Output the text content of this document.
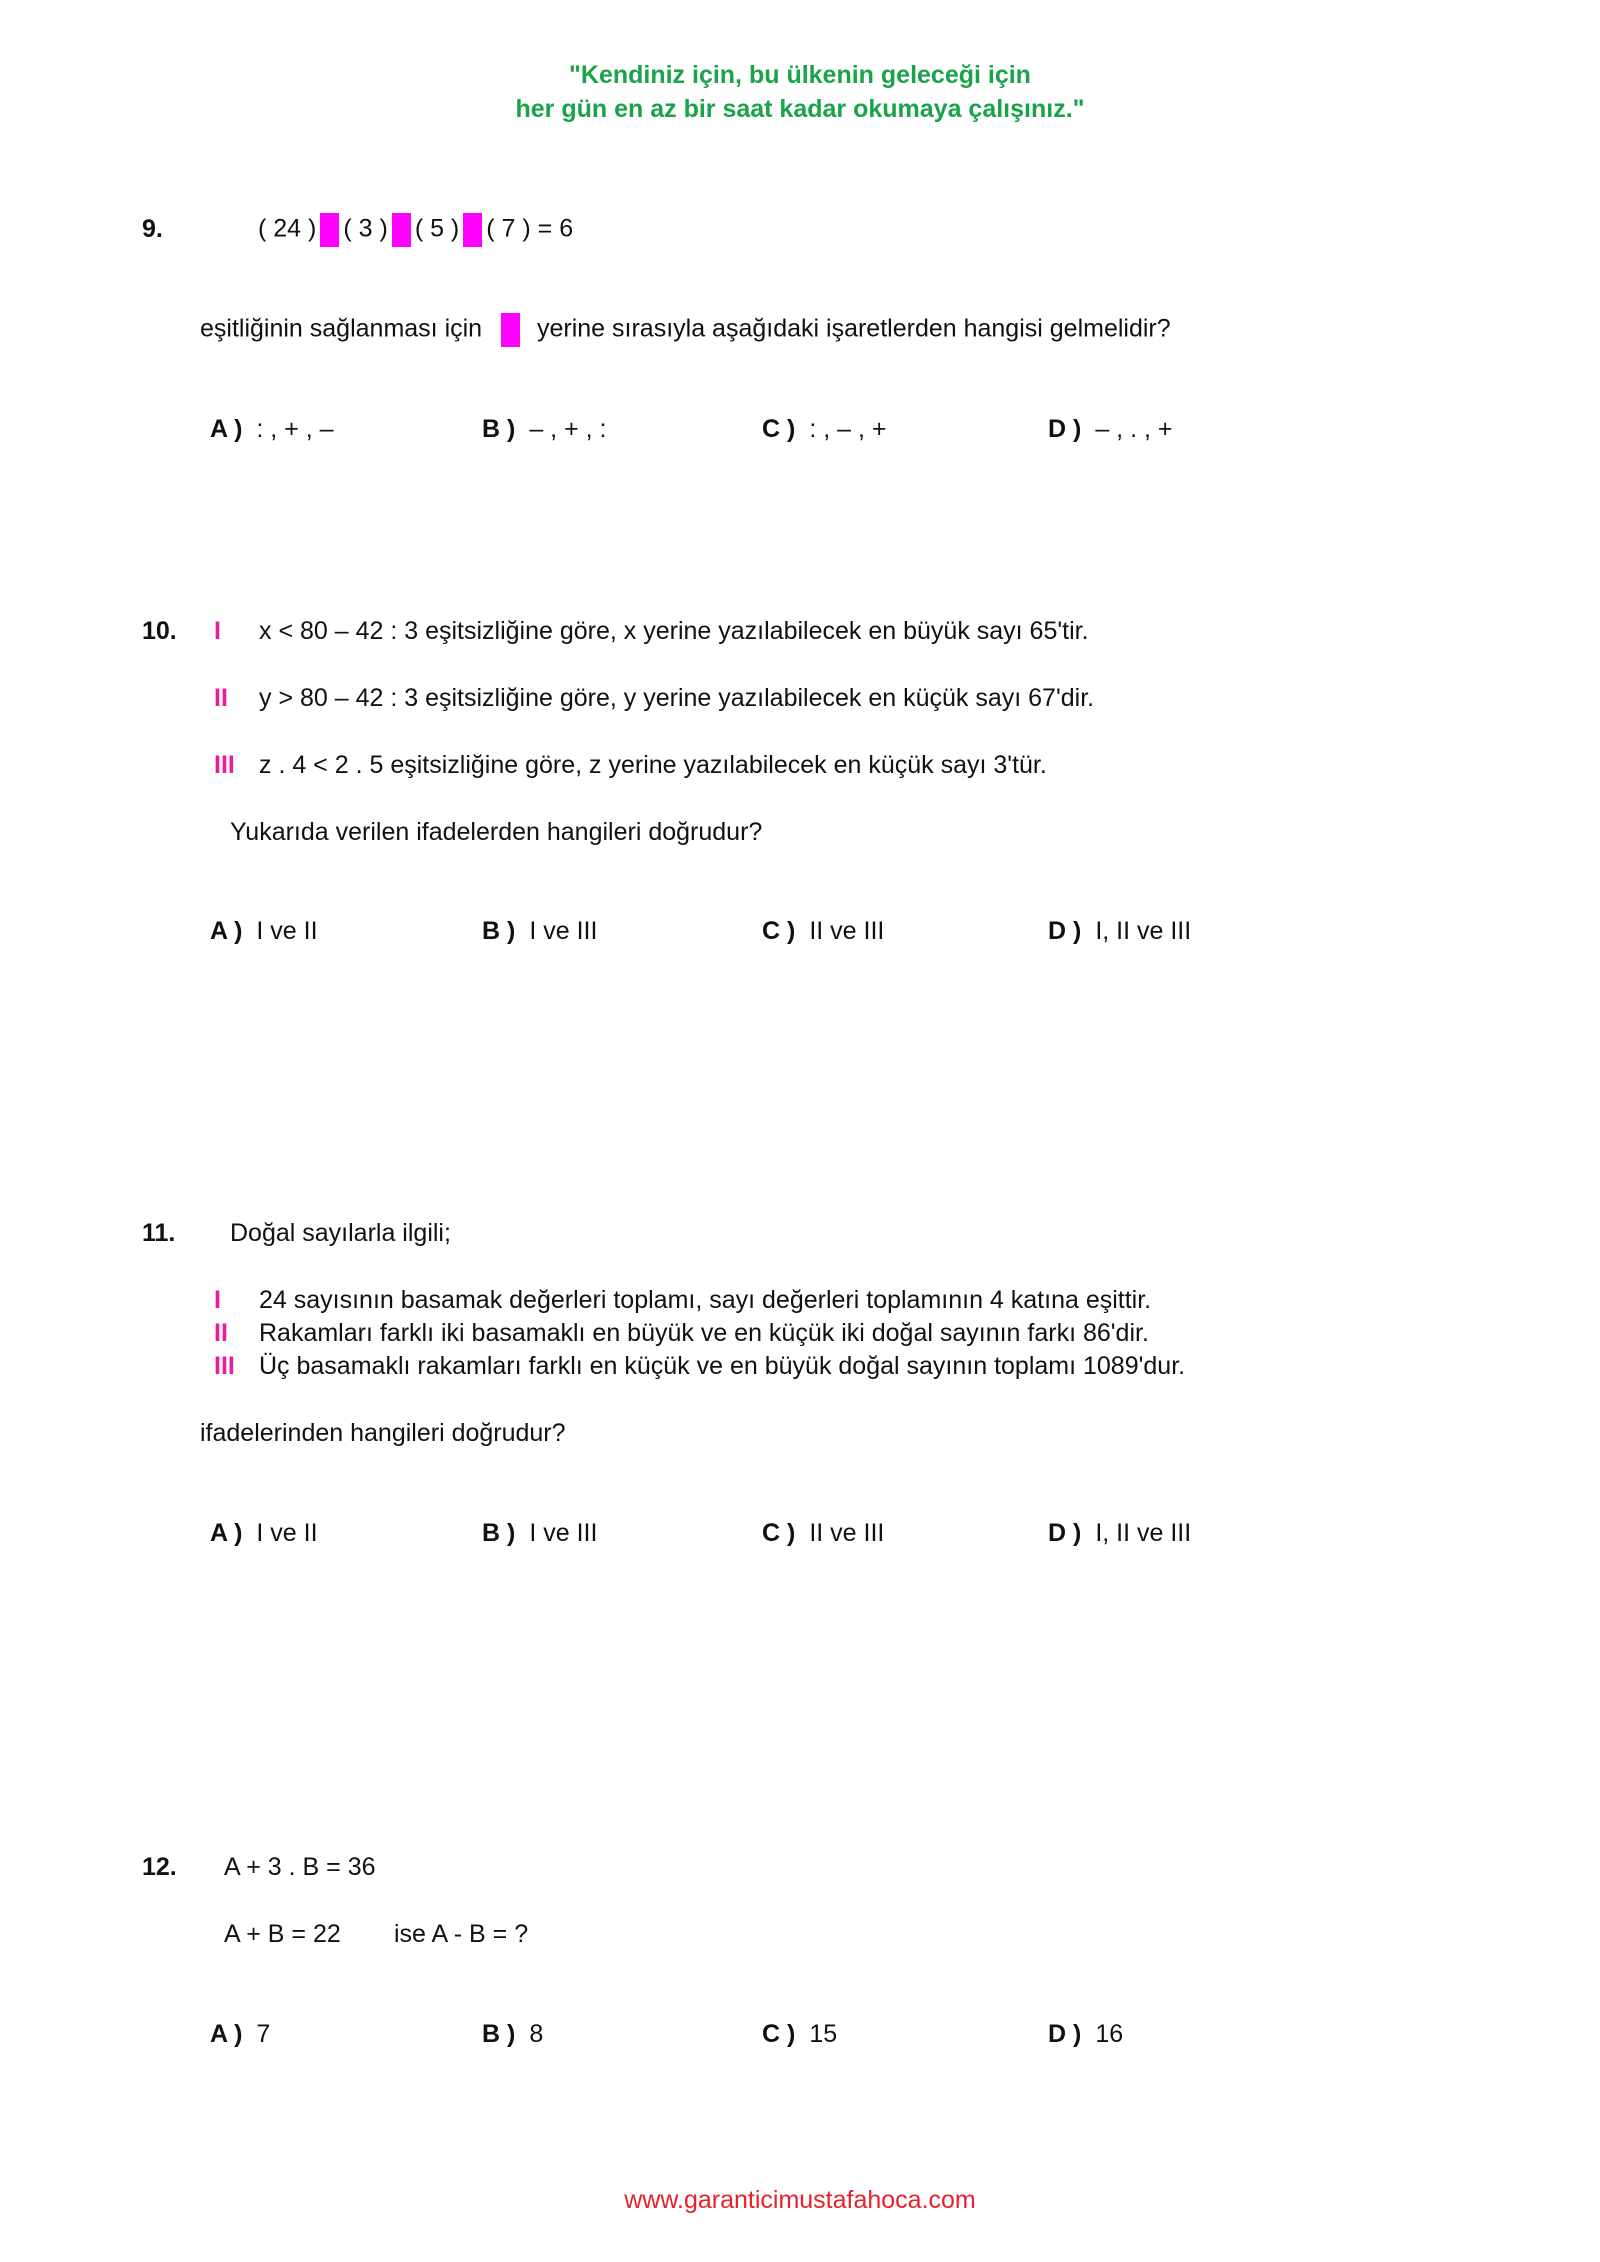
"Kendiniz için, bu ülkenin geleceği için
her gün en az bir saat kadar okumaya çalışınız."
9.	( 24 ) ( 3 ) ( 5 ) ( 7 ) = 6
eşitliğinin sağlanması için yerine sırasıyla aşağıdaki işaretlerden hangisi gelmelidir?
A ) : , + , –	B ) – , + , :	C ) : , – , +	D ) – , . , +
10. I x < 80 – 42 : 3 eşitsizliğine göre, x yerine yazılabilecek en büyük sayı 65'tir.
II y > 80 – 42 : 3 eşitsizliğine göre, y yerine yazılabilecek en küçük sayı 67'dir.
III z . 4 < 2 . 5 eşitsizliğine göre, z yerine yazılabilecek en küçük sayı 3'tür.
Yukarıda verilen ifadelerden hangileri doğrudur?
A ) I ve II	B ) I ve III	C ) II ve III	D ) I, II ve III
11. Doğal sayılarla ilgili;
I 24 sayısının basamak değerleri toplamı, sayı değerleri toplamının 4 katına eşittir.
II Rakamları farklı iki basamaklı en büyük ve en küçük iki doğal sayının farkı 86'dir.
III Üç basamaklı rakamları farklı en küçük ve en büyük doğal sayının toplamı 1089'dur.
ifadelerinden hangileri doğrudur?
A ) I ve II	B ) I ve III	C ) II ve III	D ) I, II ve III
12. A + 3 . B = 36
A + B = 22 ise A - B = ?
A ) 7	B ) 8	C ) 15	D ) 16
www.garanticimustafahoca.com
